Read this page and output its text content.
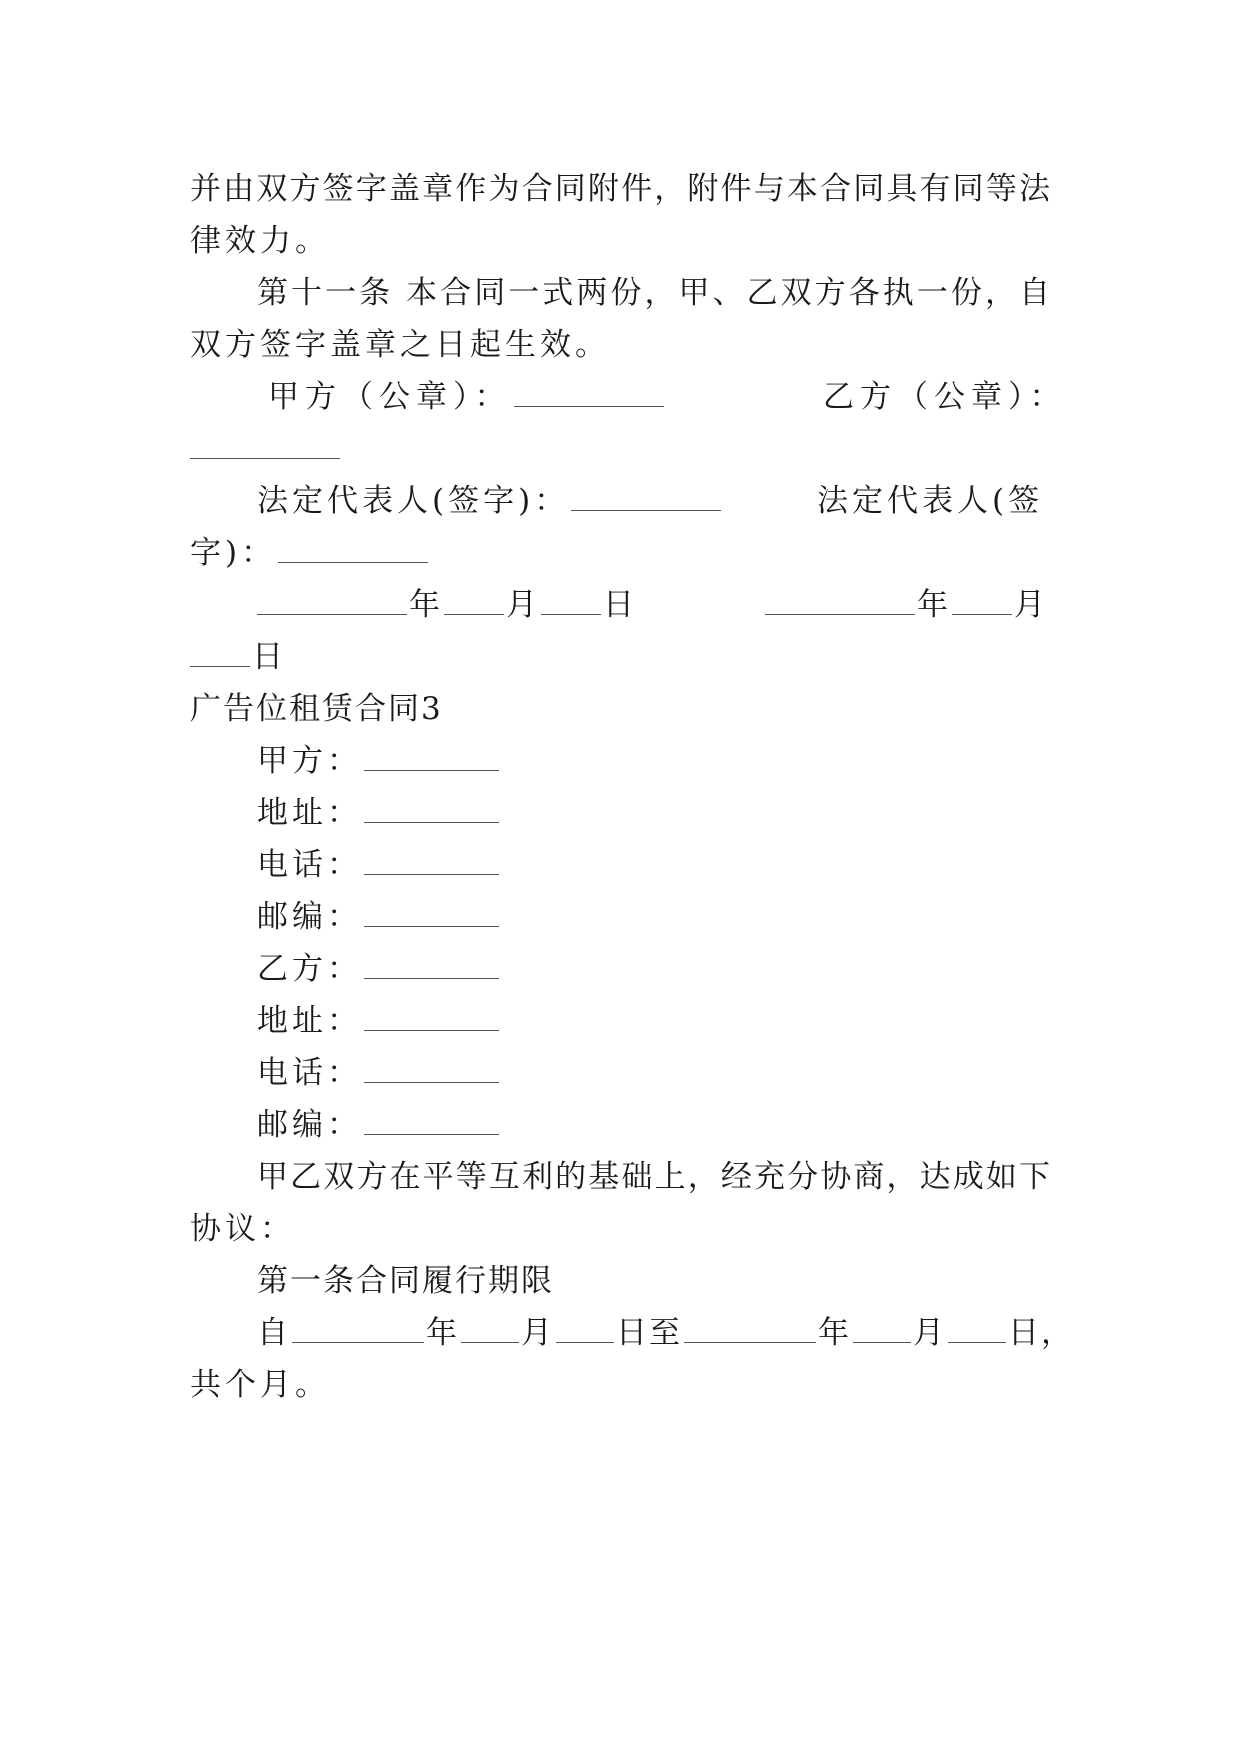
并由双方签字盖章作为合同附件，附件与本合同具有同等法
律效力。
第十一条 本合同一式两份，甲、乙双方各执一份，自
双方签字盖章之日起生效。
甲方（公章）：	乙方（公章）：
法定代表人(签字)：	法定代表人(签
字)：
年 月 日	年 月
日
广告位租赁合同3
甲方：
地址：
电话：
邮编：
乙方：
地址：
电话：
邮编：
甲乙双方在平等互利的基础上，经充分协商，达成如下
协议：
第一条合同履行期限
自	年 月 日至	年 月 日，
共个月。
